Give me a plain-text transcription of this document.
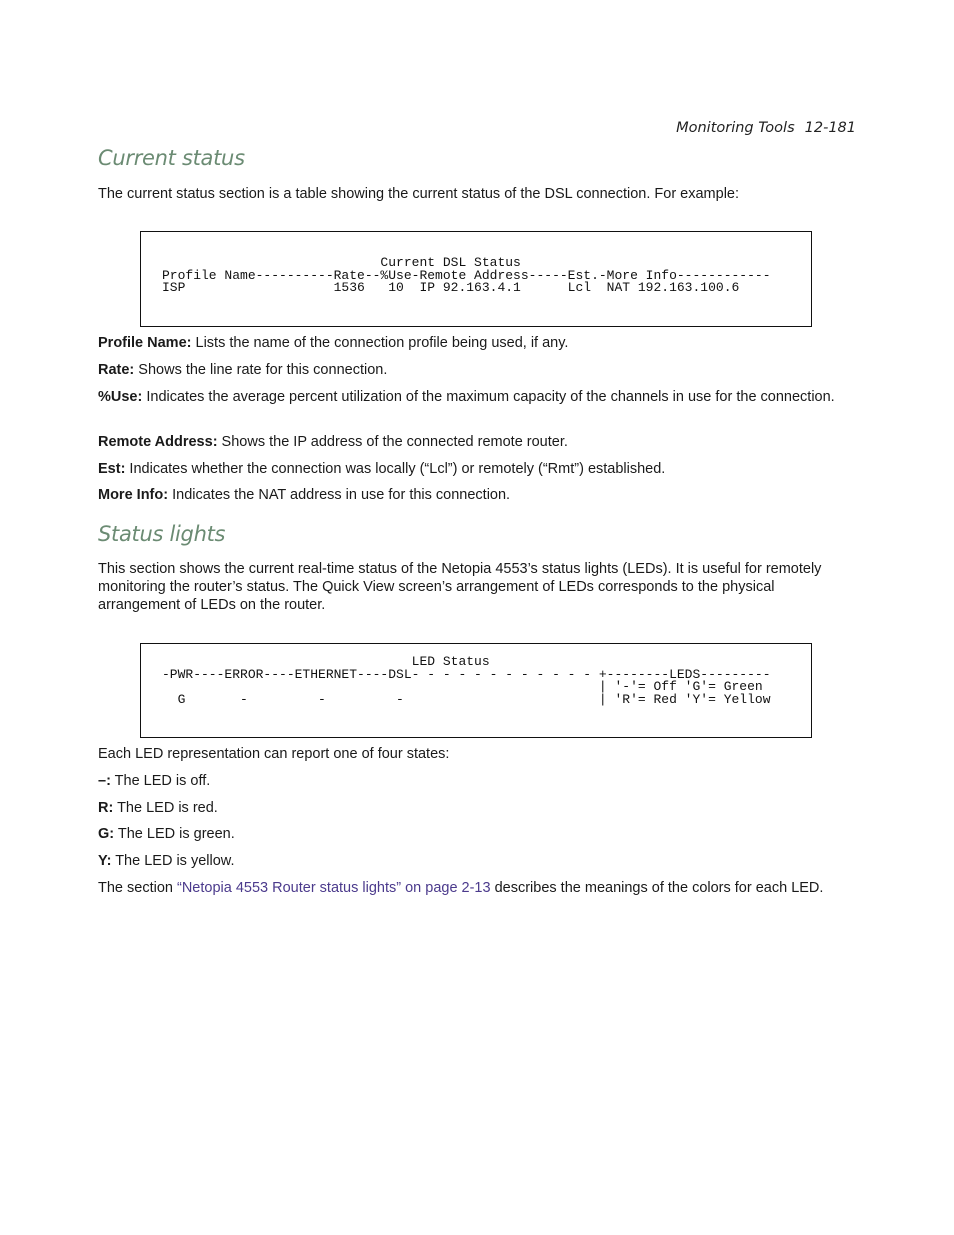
Monitoring Tools 12-181
Current status

The current status section is a table showing the current status of the DSL connection. For example:

Current DSL Status
Profile Name----------Rate--%Use-Remote Address-----Est.-More Info------------
ISP                   1536   10  IP 92.163.4.1      Lcl  NAT 192.163.100.6

Profile Name: Lists the name of the connection profile being used, if any.

Rate: Shows the line rate for this connection.

%Use: Indicates the average percent utilization of the maximum capacity of the channels in use for the connection.

Remote Address: Shows the IP address of the connected remote router.

Est: Indicates whether the connection was locally (“Lcl”) or remotely (“Rmt”) established.

More Info: Indicates the NAT address in use for this connection.

Status lights

This section shows the current real-time status of the Netopia 4553’s status lights (LEDs). It is useful for remotely monitoring the router’s status. The Quick View screen’s arrangement of LEDs corresponds to the physical arrangement of LEDs on the router.

LED Status
-PWR----ERROR----ETHERNET----DSL- - - - - - - - - - - - +--------LEDS---------
| '-'= Off 'G'= Green
G       -         -         -                         | 'R'= Red 'Y'= Yellow

Each LED representation can report one of four states:

–: The LED is off.

R: The LED is red.

G: The LED is green.

Y: The LED is yellow.

The section “Netopia 4553 Router status lights” on page 2-13 describes the meanings of the colors for each LED.
